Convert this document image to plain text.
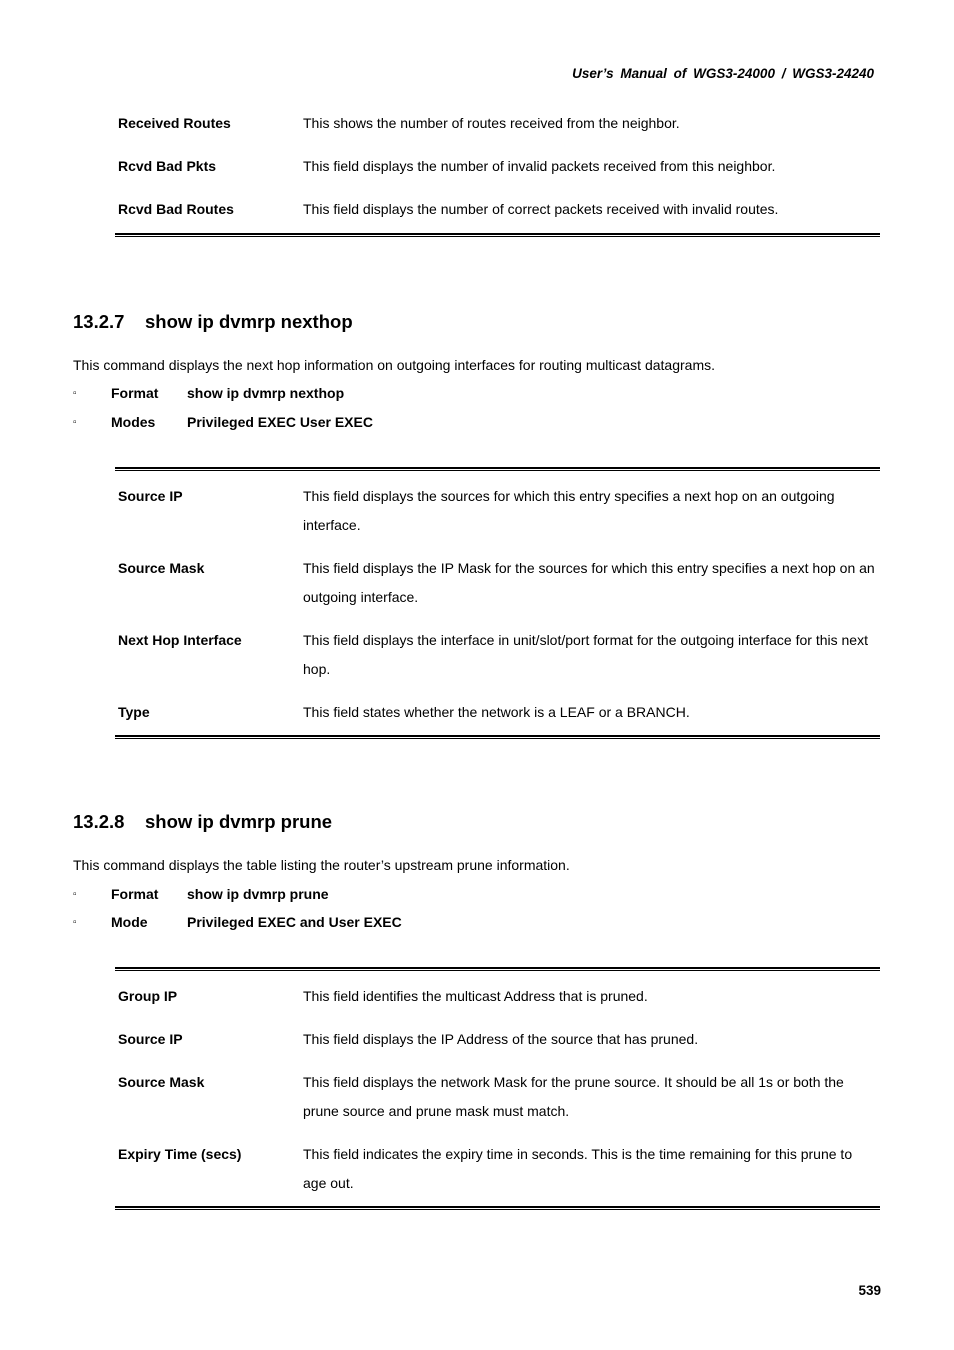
User’s Manual of WGS3-24000 / WGS3-24240
Received Routes	This shows the number of routes received from the neighbor.
Rcvd Bad Pkts	This field displays the number of invalid packets received from this neighbor.
Rcvd Bad Routes	This field displays the number of correct packets received with invalid routes.
13.2.7 show ip dvmrp nexthop
This command displays the next hop information on outgoing interfaces for routing multicast datagrams.
▫	Format	show ip dvmrp nexthop
▫	Modes	Privileged EXEC User EXEC
Source IP	This field displays the sources for which this entry specifies a next hop on an outgoing interface.
Source Mask	This field displays the IP Mask for the sources for which this entry specifies a next hop on an outgoing interface.
Next Hop Interface	This field displays the interface in unit/slot/port format for the outgoing interface for this next hop.
Type	This field states whether the network is a LEAF or a BRANCH.
13.2.8 show ip dvmrp prune
This command displays the table listing the router’s upstream prune information.
▫	Format	show ip dvmrp prune
▫	Mode	Privileged EXEC and User EXEC
Group IP	This field identifies the multicast Address that is pruned.
Source IP	This field displays the IP Address of the source that has pruned.
Source Mask	This field displays the network Mask for the prune source. It should be all 1s or both the prune source and prune mask must match.
Expiry Time (secs)	This field indicates the expiry time in seconds. This is the time remaining for this prune to age out.
539
